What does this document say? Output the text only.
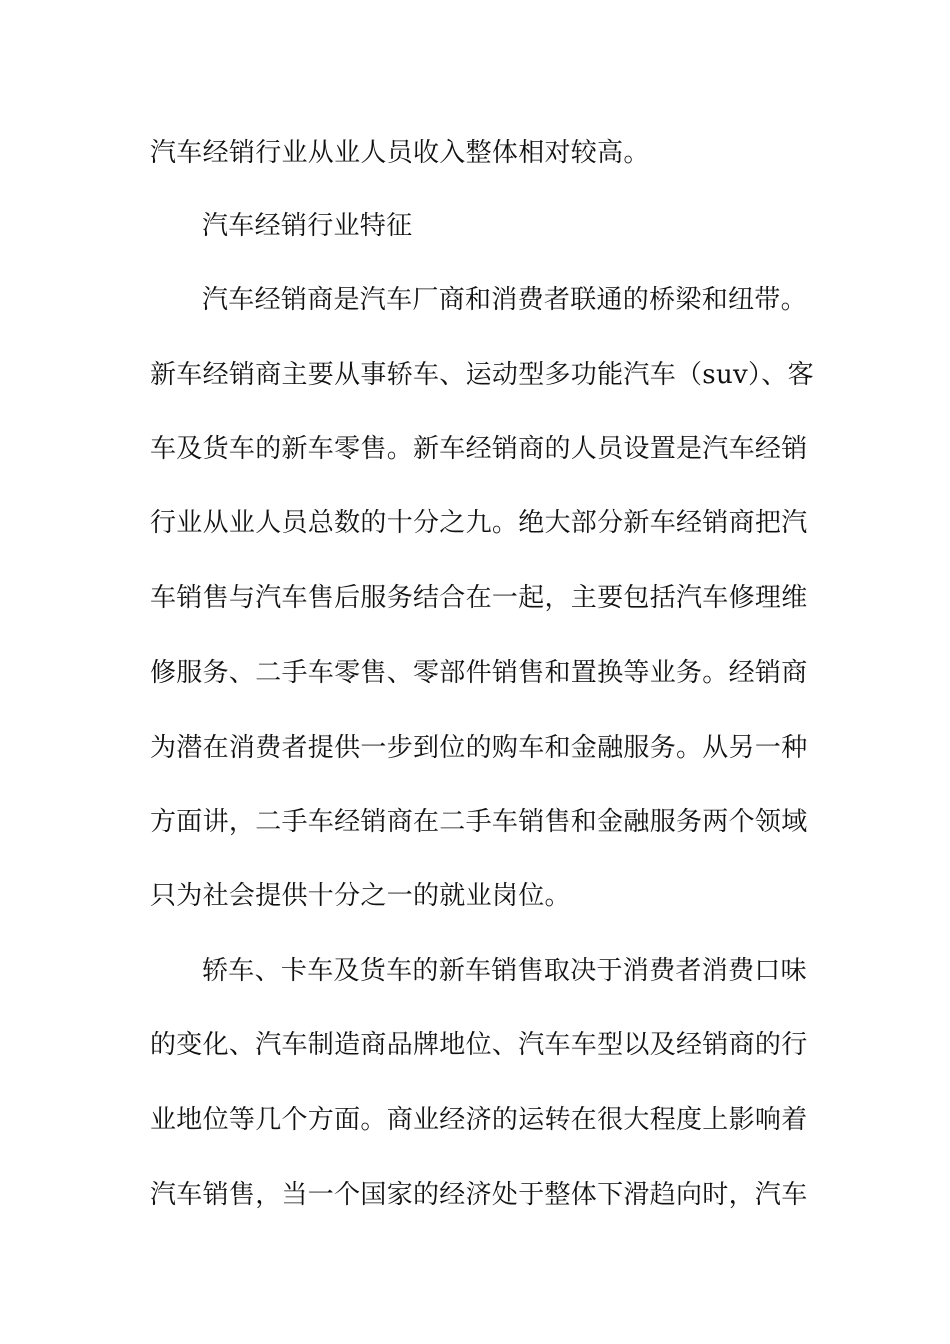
汽车经销行业从业人员收入整体相对较高。
汽车经销行业特征
汽车经销商是汽车厂商和消费者联通的桥梁和纽带。
新车经销商主要从事轿车、运动型多功能汽车（suv）、客
车及货车的新车零售。新车经销商的人员设置是汽车经销
行业从业人员总数的十分之九。绝大部分新车经销商把汽
车销售与汽车售后服务结合在一起，主要包括汽车修理维
修服务、二手车零售、零部件销售和置换等业务。经销商
为潜在消费者提供一步到位的购车和金融服务。从另一种
方面讲，二手车经销商在二手车销售和金融服务两个领域
只为社会提供十分之一的就业岗位。
轿车、卡车及货车的新车销售取决于消费者消费口味
的变化、汽车制造商品牌地位、汽车车型以及经销商的行
业地位等几个方面。商业经济的运转在很大程度上影响着
汽车销售，当一个国家的经济处于整体下滑趋向时，汽车
